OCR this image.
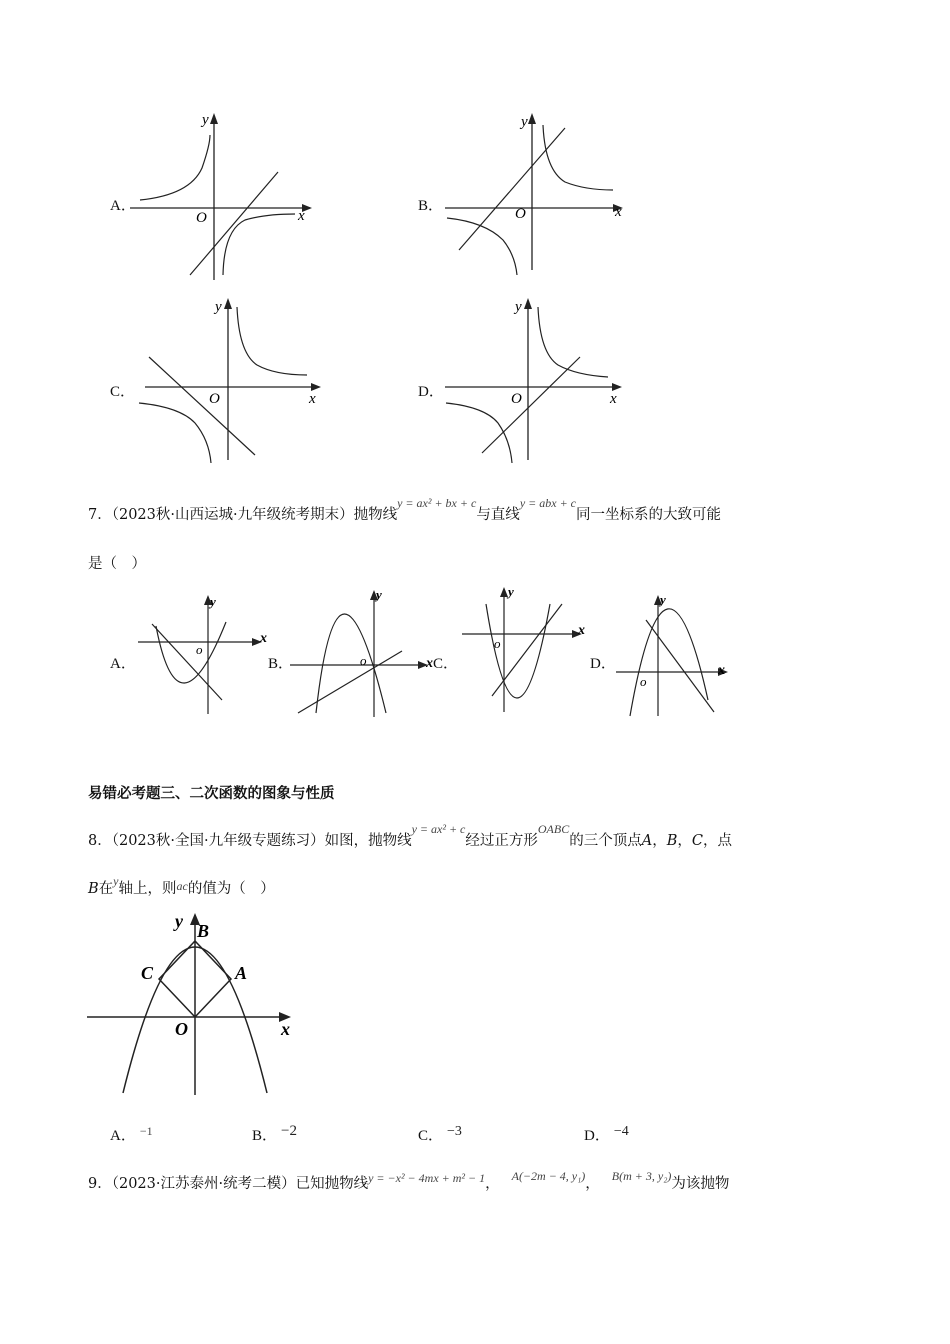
A．
y
x
O
B．
y
x
O
C．
y
x
O	D．
y
x
O
7．（2023秋·山西运城·九年级统考期末）抛物线$^{y = ax^2 + bx + c}$与直线$^{y = abx + c}$同一坐标系的大致可能
是（　）
A．
y
x
o
B．
y
x
o	C．
y
x
o
D．
y
x
o
易错必考题三、二次函数的图象与性质
8．（2023秋·全国·九年级专题练习）如图，抛物线$^{y = ax^2 + c}$经过正方形$^{OABC}$的三个顶点A，B，C，点
B在$^y$轴上，则$^{ac}$的值为（　）
y
x
O
B
A
C
A． $^{-1}$	B． −2	C． −3	D． −4
9．（2023·江苏泰州·统考二模）已知抛物线$^{y = -x^2 - 4mx + m^2 - 1}$， $^{A(-2m - 4, y_1)}$， $^{B(m + 3, y_2)}$为该抛物
